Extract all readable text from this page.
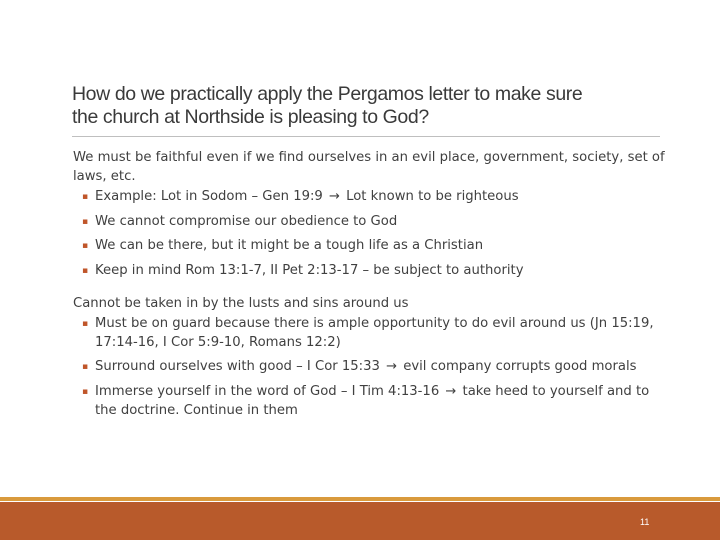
How do we practically apply the Pergamos letter to make sure
the church at Northside is pleasing to God?

We must be faithful even if we find ourselves in an evil place, government, society, set of laws, etc.

▪ Example: Lot in Sodom – Gen 19:9 → Lot known to be righteous
▪ We cannot compromise our obedience to God
▪ We can be there, but it might be a tough life as a Christian
▪ Keep in mind Rom 13:1-7, II Pet 2:13-17 – be subject to authority

Cannot be taken in by the lusts and sins around us

▪ Must be on guard because there is ample opportunity to do evil around us (Jn 15:19, 17:14-16, I Cor 5:9-10, Romans 12:2)
▪ Surround ourselves with good – I Cor 15:33 → evil company corrupts good morals
▪ Immerse yourself in the word of God – I Tim 4:13-16 → take heed to yourself and to the doctrine. Continue in them
11
